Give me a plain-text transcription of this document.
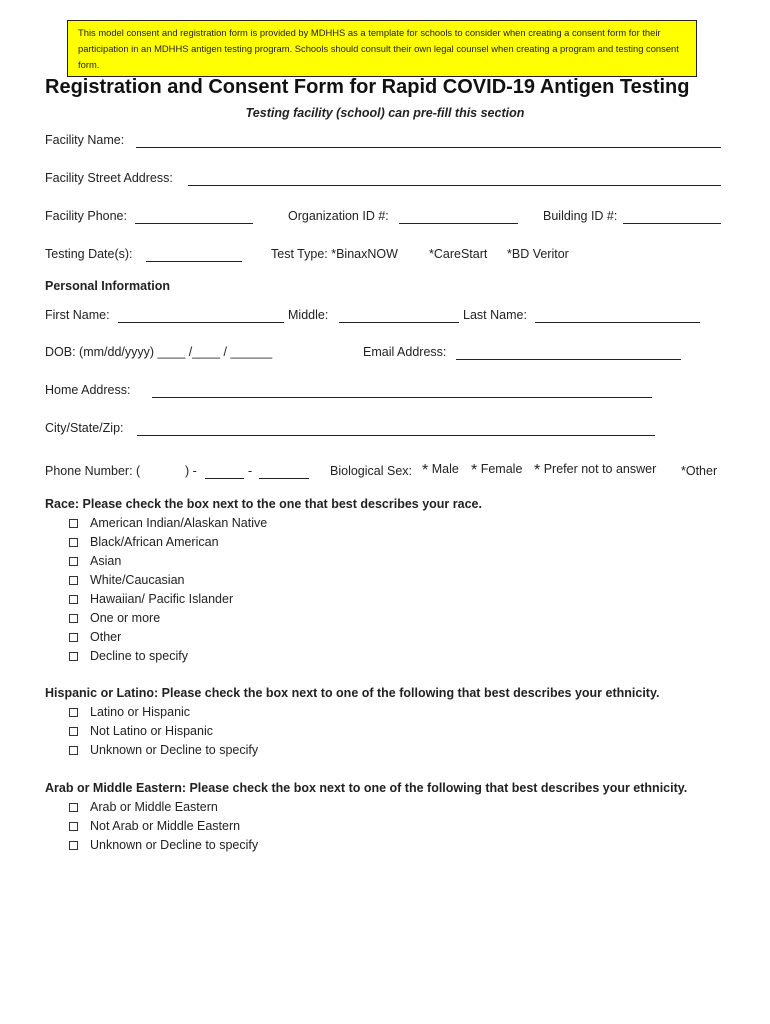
This model consent and registration form is provided by MDHHS as a template for schools to consider when creating a consent form for their participation in an MDHHS antigen testing program. Schools should consult their own legal counsel when creating a program and testing consent form.
Registration and Consent Form for Rapid COVID-19 Antigen Testing
Testing facility (school) can pre-fill this section
Facility Name:
Facility Street Address:
Facility Phone:	Organization ID #:	Building ID #:
Testing Date(s):	Test Type: *BinaxNOW *CareStart *BD Veritor
Personal Information
First Name:	Middle:	Last Name:
DOB: (mm/dd/yyyy) ____ /____ / ______	Email Address:
Home Address:
City/State/Zip:
Phone Number: (	) -	-	Biological Sex: * Male * Female * Prefer not to answer *Other
Race: Please check the box next to the one that best describes your race.
American Indian/Alaskan Native
Black/African American
Asian
White/Caucasian
Hawaiian/ Pacific Islander
One or more
Other
Decline to specify
Hispanic or Latino: Please check the box next to one of the following that best describes your ethnicity.
Latino or Hispanic
Not Latino or Hispanic
Unknown or Decline to specify
Arab or Middle Eastern: Please check the box next to one of the following that best describes your ethnicity.
Arab or Middle Eastern
Not Arab or Middle Eastern
Unknown or Decline to specify
